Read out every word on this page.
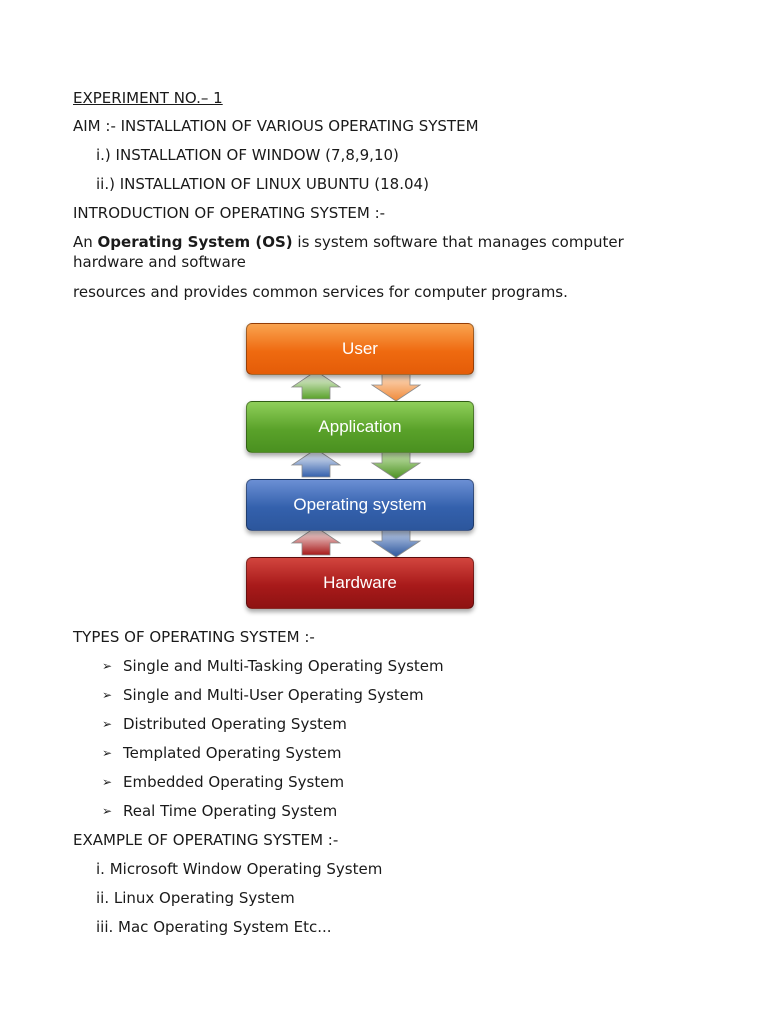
EXPERIMENT NO.– 1
AIM :- INSTALLATION OF VARIOUS OPERATING SYSTEM
i.) INSTALLATION OF WINDOW (7,8,9,10)
ii.) INSTALLATION OF LINUX UBUNTU (18.04)
INTRODUCTION OF OPERATING SYSTEM :-
An Operating System (OS) is system software that manages computer
hardware and software
resources and provides common services for computer programs.
User
Application
Operating system
Hardware
TYPES OF OPERATING SYSTEM :-
➢ Single and Multi-Tasking Operating System
➢ Single and Multi-User Operating System
➢ Distributed Operating System
➢ Templated Operating System
➢ Embedded Operating System
➢ Real Time Operating System
EXAMPLE OF OPERATING SYSTEM :-
i. Microsoft Window Operating System
ii. Linux Operating System
iii. Mac Operating System Etc...
